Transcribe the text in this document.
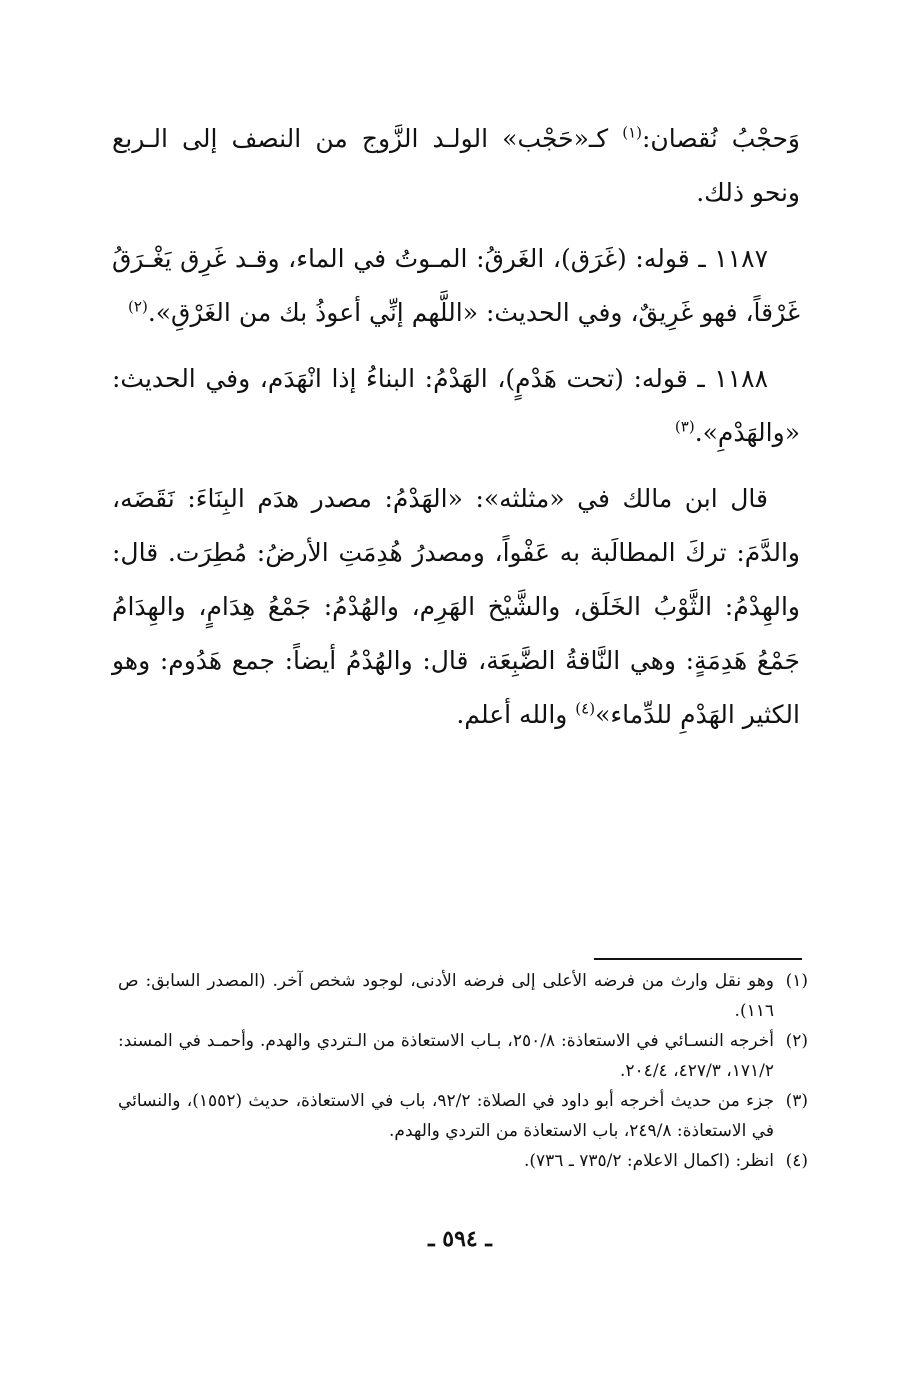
وَحجْبُ نُقصان:$^{(١)}$ كـ«حَجْب» الولـد الزَّوج من النصف إلى الـربع ونحو ذلك.

١١٨٧ ـ قوله: (غَرَق)، الغَرقُ: المـوتُ في الماء، وقـد غَرِق يَغْـرَقُ غَرْقاً، فهو غَرِيقٌ، وفي الحديث: «اللَّهم إنِّي أعوذُ بك من الغَرْقِ».$^{(٢)}$

١١٨٨ ـ قوله: (تحت هَدْمٍ)، الهَدْمُ: البناءُ إذا انْهَدَم، وفي الحديث: «والهَدْمِ».$^{(٣)}$

قال ابن مالك في «مثلثه»: «الهَدْمُ: مصدر هدَم البِنَاءَ: نَقَضَه، والدَّمَ: تركَ المطالَبة به عَفْواً، ومصدرُ هُدِمَتِ الأرضُ: مُطِرَت. قال: والهِدْمُ: الثَّوْبُ الخَلَق، والشَّيْخ الهَرِم، والهُدْمُ: جَمْعُ هِدَامٍ، والهِدَامُ جَمْعُ هَدِمَةٍ: وهي النَّاقةُ الضَّبِعَة، قال: والهُدْمُ أيضاً: جمع هَدُوم: وهو الكثير الهَدْمِ للدِّماء»$^{(٤)}$ والله أعلم.

(١)
وهو نقل وارث من فرضه الأعلى إلى فرضه الأدنى، لوجود شخص آخر. (المصدر السابق: ص ١١٦).
(٢)
أخرجه النسـائي في الاستعاذة: ٢٥٠/٨، بـاب الاستعاذة من الـتردي والهدم. وأحمـد في المسند: ١٧١/٢، ٤٢٧/٣، ٢٠٤/٤.
(٣)
جزء من حديث أخرجه أبو داود في الصلاة: ٩٢/٢، باب في الاستعاذة، حديث (١٥٥٢)، والنسائي في الاستعاذة: ٢٤٩/٨، باب الاستعاذة من التردي والهدم.
(٤)
انظر: (اكمال الاعلام: ٧٣٥/٢ ـ ٧٣٦).
ـ ٥٩٤ ـ
